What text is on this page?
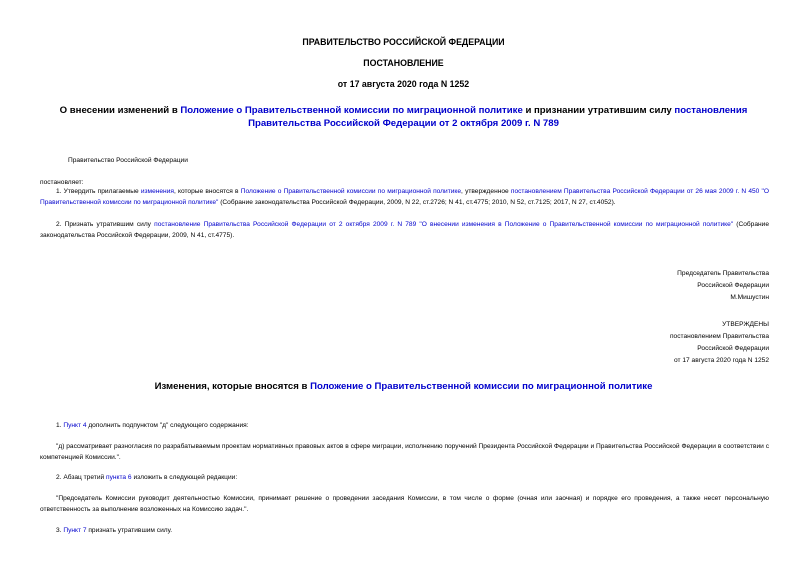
ПРАВИТЕЛЬСТВО РОССИЙСКОЙ ФЕДЕРАЦИИ
ПОСТАНОВЛЕНИЕ
от 17 августа 2020 года N 1252
О внесении изменений в Положение о Правительственной комиссии по миграционной политике и признании утратившим силу постановления Правительства Российской Федерации от 2 октября 2009 г. N 789
Правительство Российской Федерации
постановляет:
1. Утвердить прилагаемые изменения, которые вносятся в Положение о Правительственной комиссии по миграционной политике, утвержденное постановлением Правительства Российской Федерации от 26 мая 2009 г. N 450 "О Правительственной комиссии по миграционной политике" (Собрание законодательства Российской Федерации, 2009, N 22, ст.2726; N 41, ст.4775; 2010, N 52, ст.7125; 2017, N 27, ст.4052).
2. Признать утратившим силу постановление Правительства Российской Федерации от 2 октября 2009 г. N 789 "О внесении изменения в Положение о Правительственной комиссии по миграционной политике" (Собрание законодательства Российской Федерации, 2009, N 41, ст.4775).
Председатель Правительства
Российской Федерации
М.Мишустин
УТВЕРЖДЕНЫ
постановлением Правительства
Российской Федерации
от 17 августа 2020 года N 1252
Изменения, которые вносятся в Положение о Правительственной комиссии по миграционной политике
1. Пункт 4 дополнить подпунктом "д" следующего содержания:
"д) рассматривает разногласия по разрабатываемым проектам нормативных правовых актов в сфере миграции, исполнению поручений Президента Российской Федерации и Правительства Российской Федерации в соответствии с компетенцией Комиссии.".
2. Абзац третий пункта 6 изложить в следующей редакции:
"Председатель Комиссии руководит деятельностью Комиссии, принимает решение о проведении заседания Комиссии, в том числе о форме (очная или заочная) и порядке его проведения, а также несет персональную ответственность за выполнение возложенных на Комиссию задач.".
3. Пункт 7 признать утратившим силу.
